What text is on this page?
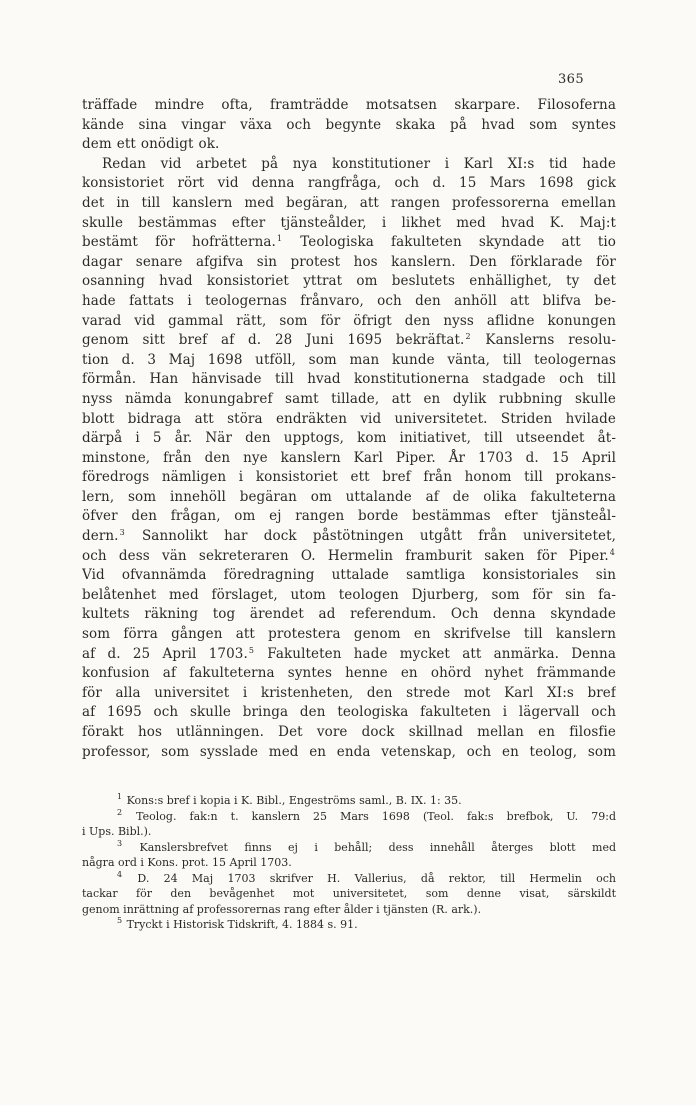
365
träffade mindre ofta, framträdde motsatsen skarpare. Filosoferna
kände sina vingar växa och begynte skaka på hvad som syntes
dem ett onödigt ok.
Redan vid arbetet på nya konstitutioner i Karl XI:s tid hade
konsistoriet rört vid denna rangfråga, och d. 15 Mars 1698 gick
det in till kanslern med begäran, att rangen professorerna emellan
skulle bestämmas efter tjänsteålder, i likhet med hvad K. Maj:t
bestämt för hofrätterna.$^1$ Teologiska fakulteten skyndade att tio
dagar senare afgifva sin protest hos kanslern. Den förklarade för
osanning hvad konsistoriet yttrat om beslutets enhällighet, ty det
hade fattats i teologernas frånvaro, och den anhöll att blifva be-
varad vid gammal rätt, som för öfrigt den nyss aflidne konungen
genom sitt bref af d. 28 Juni 1695 bekräftat.$^2$ Kanslerns resolu-
tion d. 3 Maj 1698 utföll, som man kunde vänta, till teologernas
förmån. Han hänvisade till hvad konstitutionerna stadgade och till
nyss nämda konungabref samt tillade, att en dylik rubbning skulle
blott bidraga att störa endräkten vid universitetet. Striden hvilade
därpå i 5 år. När den upptogs, kom initiativet, till utseendet åt-
minstone, från den nye kanslern Karl Piper. År 1703 d. 15 April
föredrogs nämligen i konsistoriet ett bref från honom till prokans-
lern, som innehöll begäran om uttalande af de olika fakulteterna
öfver den frågan, om ej rangen borde bestämmas efter tjänsteål-
dern.$^3$ Sannolikt har dock påstötningen utgått från universitetet,
och dess vän sekreteraren O. Hermelin framburit saken för Piper.$^4$
Vid ofvannämda föredragning uttalade samtliga konsistoriales sin
belåtenhet med förslaget, utom teologen Djurberg, som för sin fa-
kultets räkning tog ärendet ad referendum. Och denna skyndade
som förra gången att protestera genom en skrifvelse till kanslern
af d. 25 April 1703.$^5$ Fakulteten hade mycket att anmärka. Denna
konfusion af fakulteterna syntes henne en ohörd nyhet främmande
för alla universitet i kristenheten, den strede mot Karl XI:s bref
af 1695 och skulle bringa den teologiska fakulteten i lägervall och
förakt hos utlänningen. Det vore dock skillnad mellan en filosfie
professor, som sysslade med en enda vetenskap, och en teolog, som
$^1$ Kons:s bref i kopia i K. Bibl., Engeströms saml., B. IX. 1: 35.
$^2$ Teolog. fak:n t. kanslern 25 Mars 1698 (Teol. fak:s brefbok, U. 79:d
i Ups. Bibl.).
$^3$ Kanslersbrefvet finns ej i behåll; dess innehåll återges blott med
några ord i Kons. prot. 15 April 1703.
$^4$ D. 24 Maj 1703 skrifver H. Vallerius, då rektor, till Hermelin och
tackar för den bevågenhet mot universitetet, som denne visat, särskildt
genom inrättning af professorernas rang efter ålder i tjänsten (R. ark.).
$^5$ Tryckt i Historisk Tidskrift, 4. 1884 s. 91.
